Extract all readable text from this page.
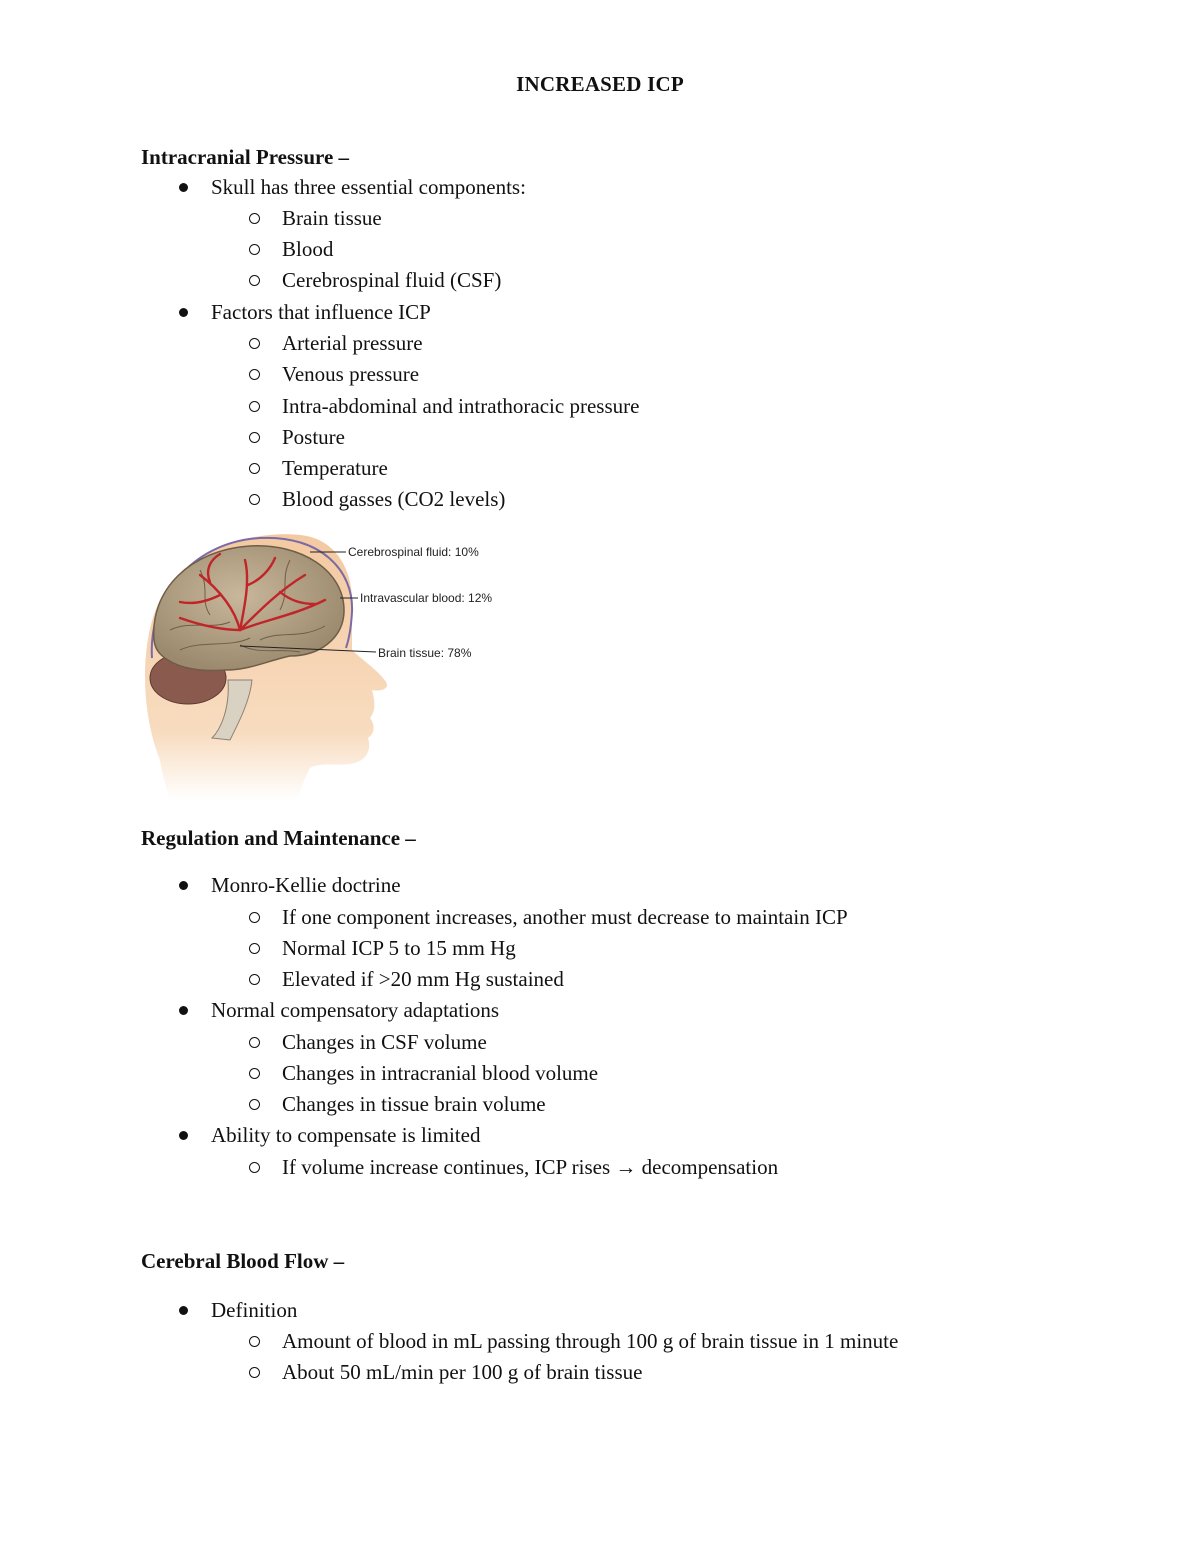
INCREASED ICP
Intracranial Pressure –
Skull has three essential components:
Brain tissue
Blood
Cerebrospinal fluid (CSF)
Factors that influence ICP
Arterial pressure
Venous pressure
Intra-abdominal and intrathoracic pressure
Posture
Temperature
Blood gasses (CO2 levels)
Cerebrospinal fluid: 10%
Intravascular blood: 12%
Brain tissue: 78%
Regulation and Maintenance –
Monro-Kellie doctrine
If one component increases, another must decrease to maintain ICP
Normal ICP 5 to 15 mm Hg
Elevated if >20 mm Hg sustained
Normal compensatory adaptations
Changes in CSF volume
Changes in intracranial blood volume
Changes in tissue brain volume
Ability to compensate is limited
If volume increase continues, ICP rises → decompensation
Cerebral Blood Flow –
Definition
Amount of blood in mL passing through 100 g of brain tissue in 1 minute
About 50 mL/min per 100 g of brain tissue
